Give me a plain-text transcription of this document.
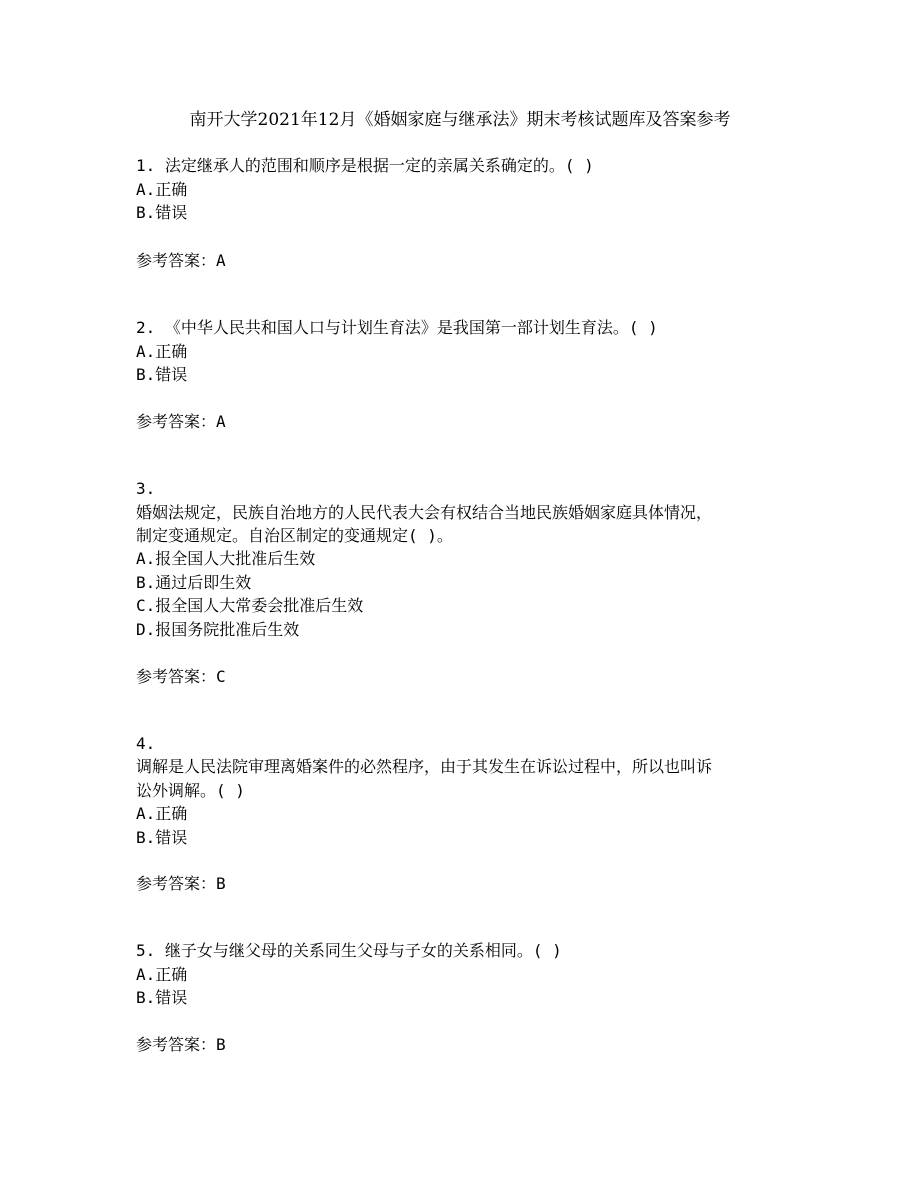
南开大学2021年12月《婚姻家庭与继承法》期末考核试题库及答案参考
1. 法定继承人的范围和顺序是根据一定的亲属关系确定的。( )
A.正确
B.错误
参考答案：A
2. 《中华人民共和国人口与计划生育法》是我国第一部计划生育法。( )
A.正确
B.错误
参考答案：A
3.
婚姻法规定，民族自治地方的人民代表大会有权结合当地民族婚姻家庭具体情况，
制定变通规定。自治区制定的变通规定( )。
A.报全国人大批准后生效
B.通过后即生效
C.报全国人大常委会批准后生效
D.报国务院批准后生效
参考答案：C
4.
调解是人民法院审理离婚案件的必然程序，由于其发生在诉讼过程中，所以也叫诉
讼外调解。( )
A.正确
B.错误
参考答案：B
5. 继子女与继父母的关系同生父母与子女的关系相同。( )
A.正确
B.错误
参考答案：B
